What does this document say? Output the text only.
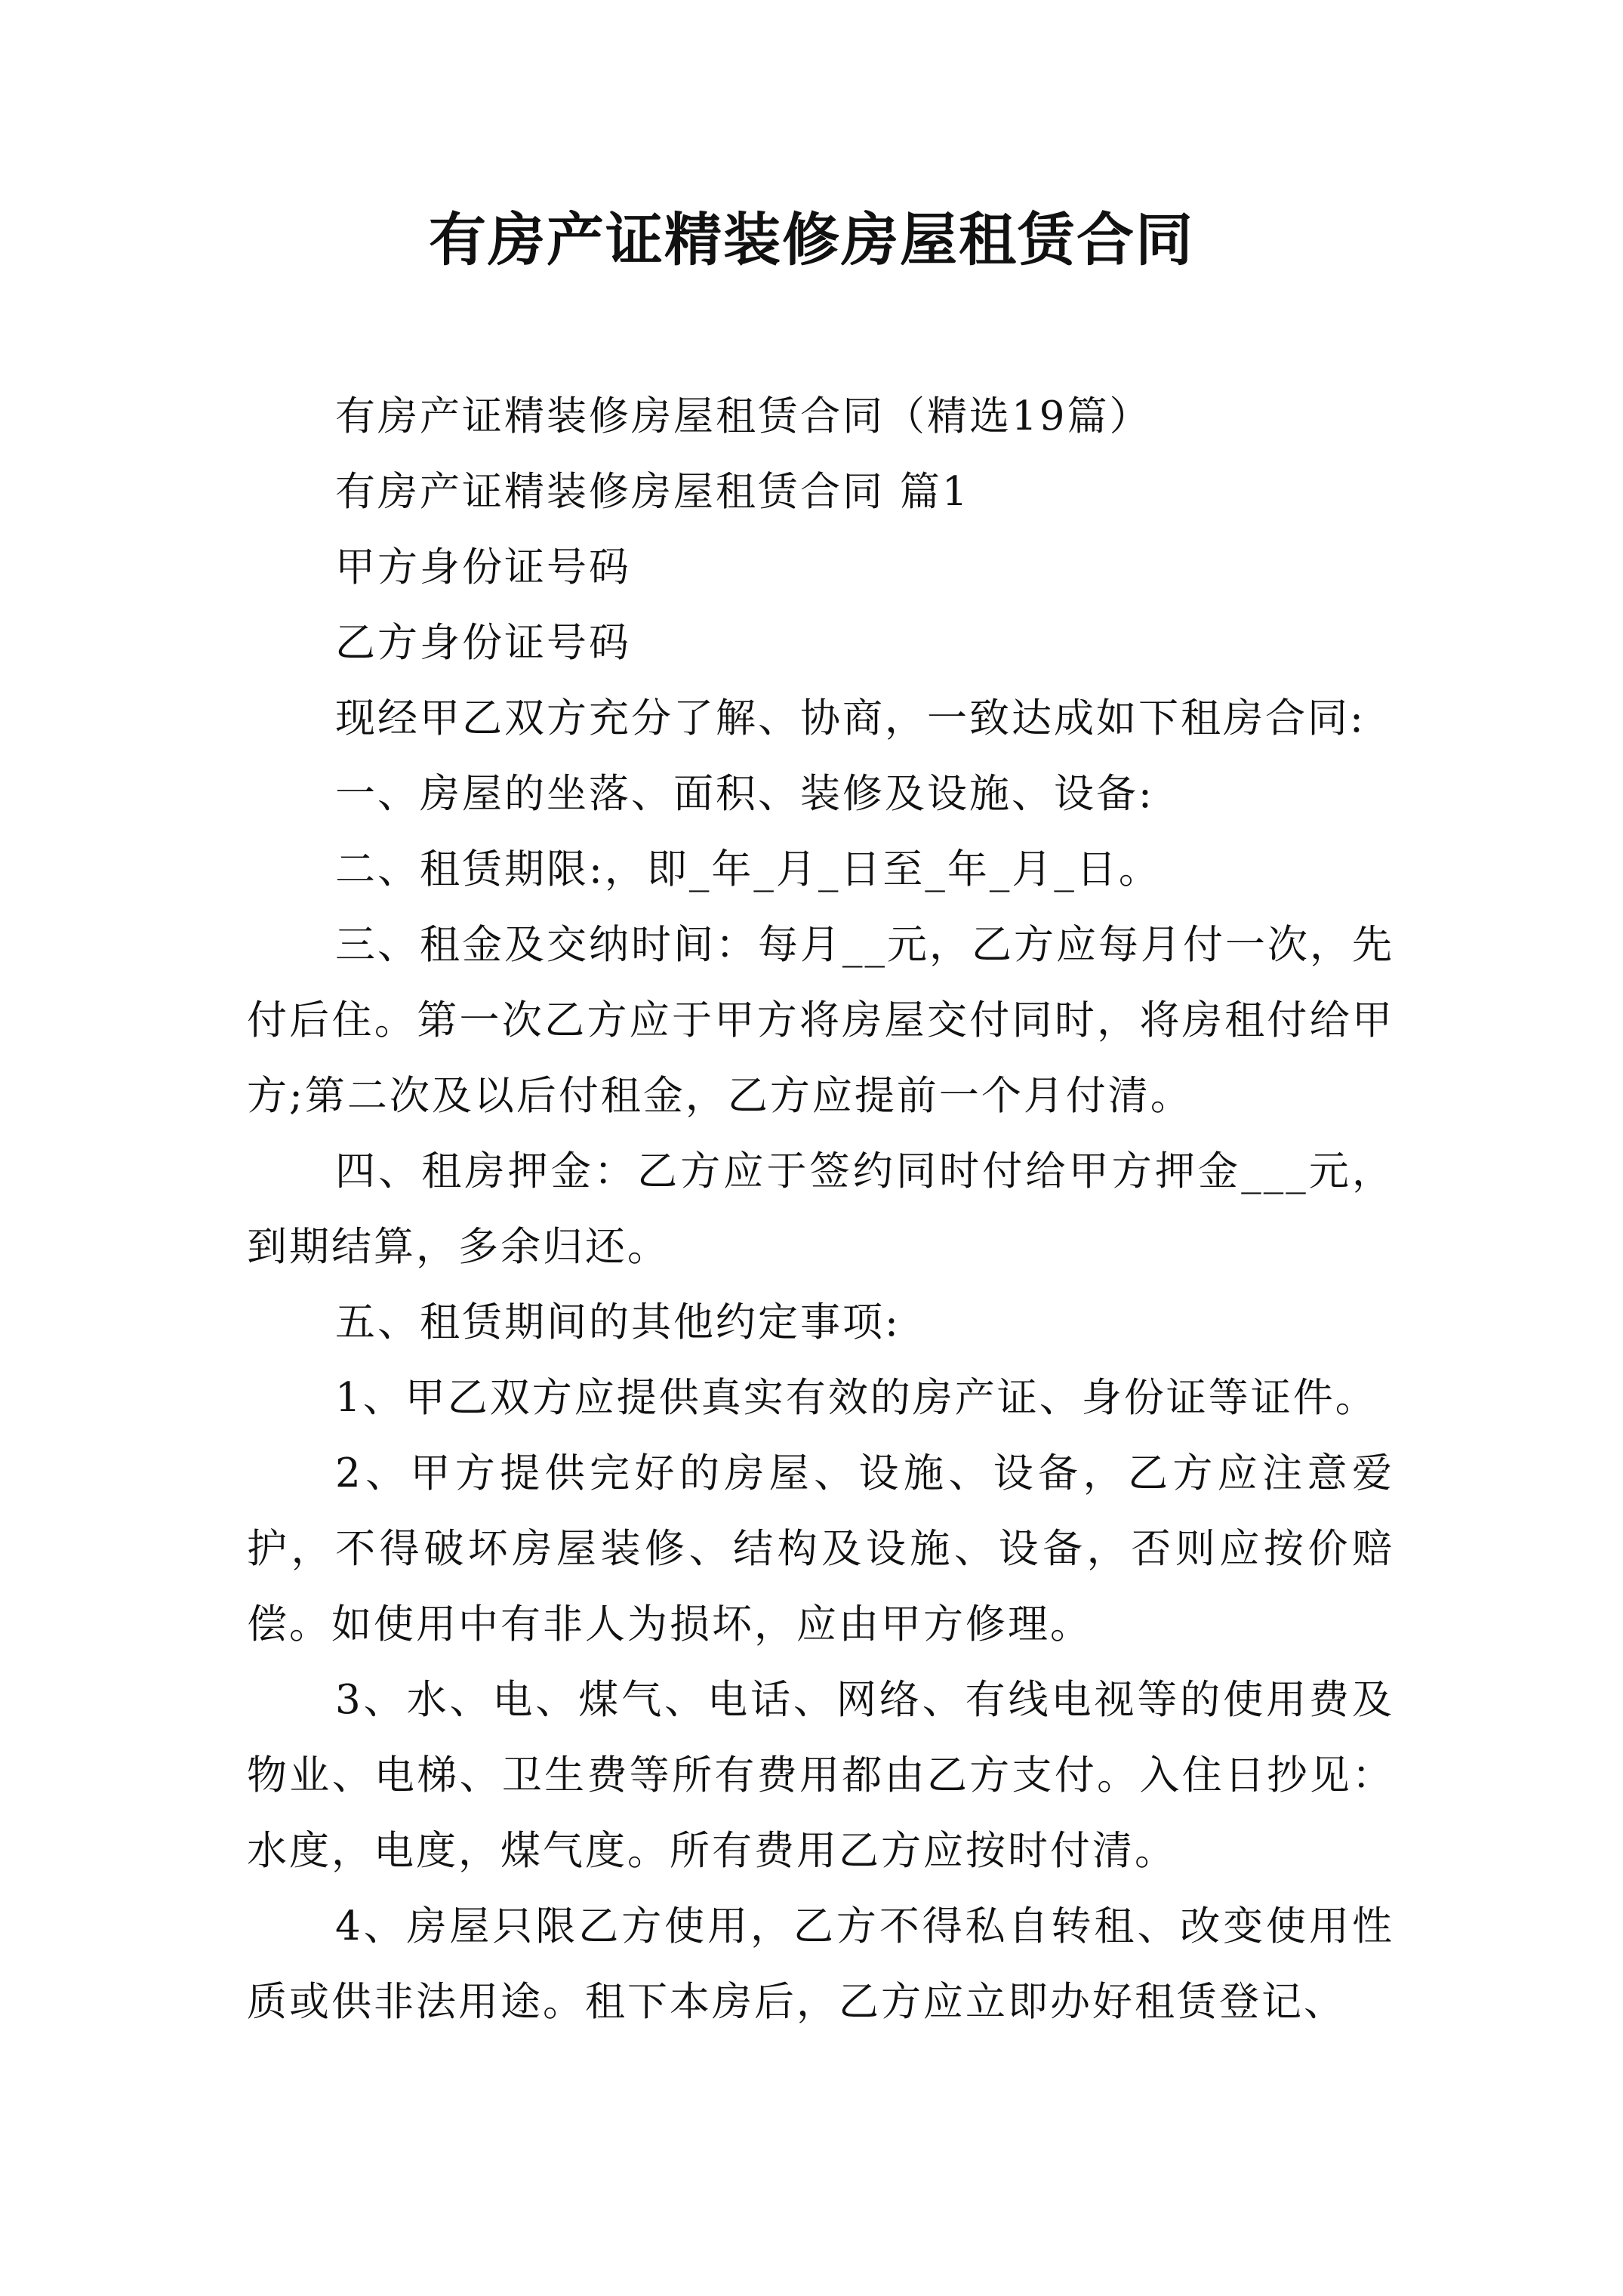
有房产证精装修房屋租赁合同

有房产证精装修房屋租赁合同（精选19篇）

有房产证精装修房屋租赁合同 篇1

甲方身份证号码

乙方身份证号码

现经甲乙双方充分了解、协商，一致达成如下租房合同:

一、房屋的坐落、面积、装修及设施、设备:

二、租赁期限:，即_年_月_日至_年_月_日。

三、租金及交纳时间：每月__元，乙方应每月付一次，先付后住。第一次乙方应于甲方将房屋交付同时，将房租付给甲方;第二次及以后付租金，乙方应提前一个月付清。

四、租房押金：乙方应于签约同时付给甲方押金___元，到期结算，多余归还。

五、租赁期间的其他约定事项:

1、甲乙双方应提供真实有效的房产证、身份证等证件。

2、甲方提供完好的房屋、设施、设备，乙方应注意爱护，不得破坏房屋装修、结构及设施、设备，否则应按价赔偿。如使用中有非人为损坏，应由甲方修理。

3、水、电、煤气、电话、网络、有线电视等的使用费及物业、电梯、卫生费等所有费用都由乙方支付。入住日抄见：水度，电度，煤气度。所有费用乙方应按时付清。

4、房屋只限乙方使用，乙方不得私自转租、改变使用性质或供非法用途。租下本房后，乙方应立即办好租赁登记、
